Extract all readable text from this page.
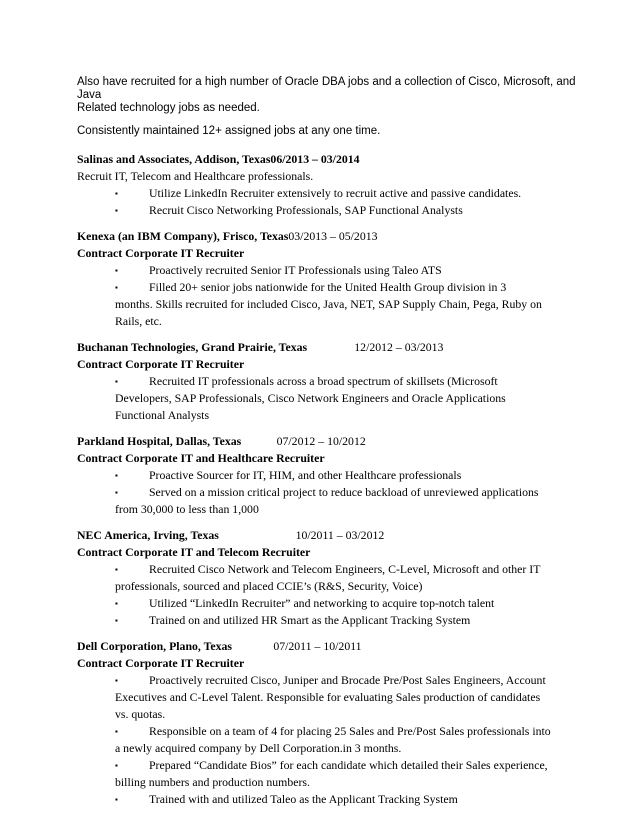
Also have recruited for a high number of Oracle DBA jobs and a collection of Cisco, Microsoft, and
Java
Related technology jobs as needed.
Consistently maintained 12+ assigned jobs at any one time.
Salinas and Associates, Addison, Texas06/2013 – 03/2014
Recruit IT, Telecom and Healthcare professionals.
▪	Utilize LinkedIn Recruiter extensively to recruit active and passive candidates.
▪	Recruit Cisco Networking Professionals, SAP Functional Analysts
Kenexa (an IBM Company), Frisco, Texas03/2013 – 05/2013
Contract Corporate IT Recruiter
▪	Proactively recruited Senior IT Professionals using Taleo ATS
▪	Filled 20+ senior jobs nationwide for the United Health Group division in 3
months. Skills recruited for included Cisco, Java, NET, SAP Supply Chain, Pega, Ruby on
Rails, etc.
Buchanan Technologies, Grand Prairie, Texas	12/2012 – 03/2013
Contract Corporate IT Recruiter
▪	Recruited IT professionals across a broad spectrum of skillsets (Microsoft
Developers, SAP Professionals, Cisco Network Engineers and Oracle Applications
Functional Analysts
Parkland Hospital, Dallas, Texas	07/2012 – 10/2012
Contract Corporate IT and Healthcare Recruiter
▪	Proactive Sourcer for IT, HIM, and other Healthcare professionals
▪	Served on a mission critical project to reduce backload of unreviewed applications
from 30,000 to less than 1,000
NEC America, Irving, Texas	10/2011 – 03/2012
Contract Corporate IT and Telecom Recruiter
▪	Recruited Cisco Network and Telecom Engineers, C-Level, Microsoft and other IT
professionals, sourced and placed CCIE’s (R&S, Security, Voice)
▪	Utilized “LinkedIn Recruiter” and networking to acquire top-notch talent
▪	Trained on and utilized HR Smart as the Applicant Tracking System
Dell Corporation, Plano, Texas	07/2011 – 10/2011
Contract Corporate IT Recruiter
▪	Proactively recruited Cisco, Juniper and Brocade Pre/Post Sales Engineers, Account
Executives and C-Level Talent. Responsible for evaluating Sales production of candidates
vs. quotas.
▪	Responsible on a team of 4 for placing 25 Sales and Pre/Post Sales professionals into
a newly acquired company by Dell Corporation.in 3 months.
▪	Prepared “Candidate Bios” for each candidate which detailed their Sales experience,
billing numbers and production numbers.
▪	Trained with and utilized Taleo as the Applicant Tracking System
